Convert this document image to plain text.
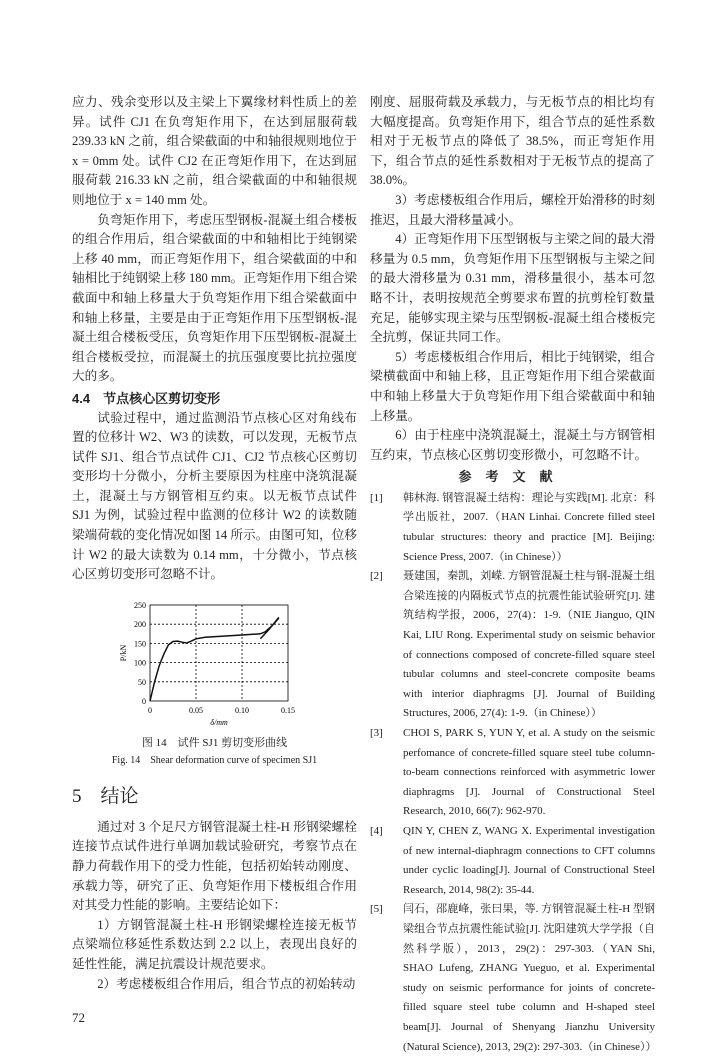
应力、残余变形以及主梁上下翼缘材料性质上的差异。试件 CJ1 在负弯矩作用下，在达到屈服荷载 239.33 kN 之前，组合梁截面的中和轴很规则地位于 x = 0mm 处。试件 CJ2 在正弯矩作用下，在达到屈服荷载 216.33 kN 之前，组合梁截面的中和轴很规则地位于 x = 140 mm 处。

负弯矩作用下，考虑压型钢板-混凝土组合楼板的组合作用后，组合梁截面的中和轴相比于纯钢梁上移 40 mm，而正弯矩作用下，组合梁截面的中和轴相比于纯钢梁上移 180 mm。正弯矩作用下组合梁截面中和轴上移量大于负弯矩作用下组合梁截面中和轴上移量，主要是由于正弯矩作用下压型钢板-混凝土组合楼板受压，负弯矩作用下压型钢板-混凝土组合楼板受拉，而混凝土的抗压强度要比抗拉强度大的多。

4.4　节点核心区剪切变形

试验过程中，通过监测沿节点核心区对角线布置的位移计 W2、W3 的读数，可以发现，无板节点试件 SJ1、组合节点试件 CJ1、CJ2 节点核心区剪切变形均十分微小，分析主要原因为柱座中浇筑混凝土，混凝土与方钢管相互约束。以无板节点试件 SJ1 为例，试验过程中监测的位移计 W2 的读数随梁端荷载的变化情况如图 14 所示。由图可知，位移计 W2 的最大读数为 0.14 mm，十分微小，节点核心区剪切变形可忽略不计。

0
50
100
150
200
250
0	0.05	0.10	0.15
δ/mm
P/kN
图 14　试件 SJ1 剪切变形曲线
Fig. 14　Shear deformation curve of specimen SJ1
5　结论

通过对 3 个足尺方钢管混凝土柱-H 形钢梁螺栓连接节点试件进行单调加载试验研究，考察节点在静力荷载作用下的受力性能，包括初始转动刚度、承载力等，研究了正、负弯矩作用下楼板组合作用对其受力性能的影响。主要结论如下：

1）方钢管混凝土柱-H 形钢梁螺栓连接无板节点梁端位移延性系数达到 2.2 以上，表现出良好的延性性能，满足抗震设计规范要求。

2）考虑楼板组合作用后，组合节点的初始转动

72

刚度、屈服荷载及承载力，与无板节点的相比均有大幅度提高。负弯矩作用下，组合节点的延性系数相对于无板节点的降低了 38.5%，而正弯矩作用下，组合节点的延性系数相对于无板节点的提高了 38.0%。

3）考虑楼板组合作用后，螺栓开始滑移的时刻推迟，且最大滑移量减小。

4）正弯矩作用下压型钢板与主梁之间的最大滑移量为 0.5 mm，负弯矩作用下压型钢板与主梁之间的最大滑移量为 0.31 mm，滑移量很小，基本可忽略不计，表明按规范全剪要求布置的抗剪栓钉数量充足，能够实现主梁与压型钢板-混凝土组合楼板完全抗剪，保证共同工作。

5）考虑楼板组合作用后，相比于纯钢梁，组合梁横截面中和轴上移，且正弯矩作用下组合梁截面中和轴上移量大于负弯矩作用下组合梁截面中和轴上移量。

6）由于柱座中浇筑混凝土，混凝土与方钢管相互约束，节点核心区剪切变形微小，可忽略不计。

参考文献
[1] 韩林海. 钢管混凝土结构：理论与实践[M]. 北京：科学出版社，2007.（HAN Linhai. Concrete filled steel tubular structures: theory and practice [M]. Beijing: Science Press, 2007.（in Chinese））
[2] 聂建国，秦凯，刘嵘. 方钢管混凝土柱与钢-混凝土组合梁连接的内隔板式节点的抗震性能试验研究[J]. 建筑结构学报，2006，27(4)：1-9.（NIE Jianguo, QIN Kai, LIU Rong. Experimental study on seismic behavior of connections composed of concrete-filled square steel tubular columns and steel-concrete composite beams with interior diaphragms [J]. Journal of Building Structures, 2006, 27(4): 1-9.（in Chinese））
[3] CHOI S, PARK S, YUN Y, et al. A study on the seismic perfomance of concrete-filled square steel tube column-to-beam connections reinforced with asymmetric lower diaphragms [J]. Journal of Constructional Steel Research, 2010, 66(7): 962-970.
[4] QIN Y, CHEN Z, WANG X. Experimental investigation of new internal-diaphragm connections to CFT columns under cyclic loading[J]. Journal of Constructional Steel Research, 2014, 98(2): 35-44.
[5] 闫石，邵鹿峰，张曰果，等. 方钢管混凝土柱-H 型钢梁组合节点抗震性能试验[J]. 沈阳建筑大学学报（自然科学版），2013，29(2)：297-303.（YAN Shi, SHAO Lufeng, ZHANG Yueguo, et al. Experimental study on seismic performance for joints of concrete-filled square steel tube column and H-shaped steel beam[J]. Journal of Shenyang Jianzhu University (Natural Science), 2013, 29(2): 297-303.（in Chinese））
